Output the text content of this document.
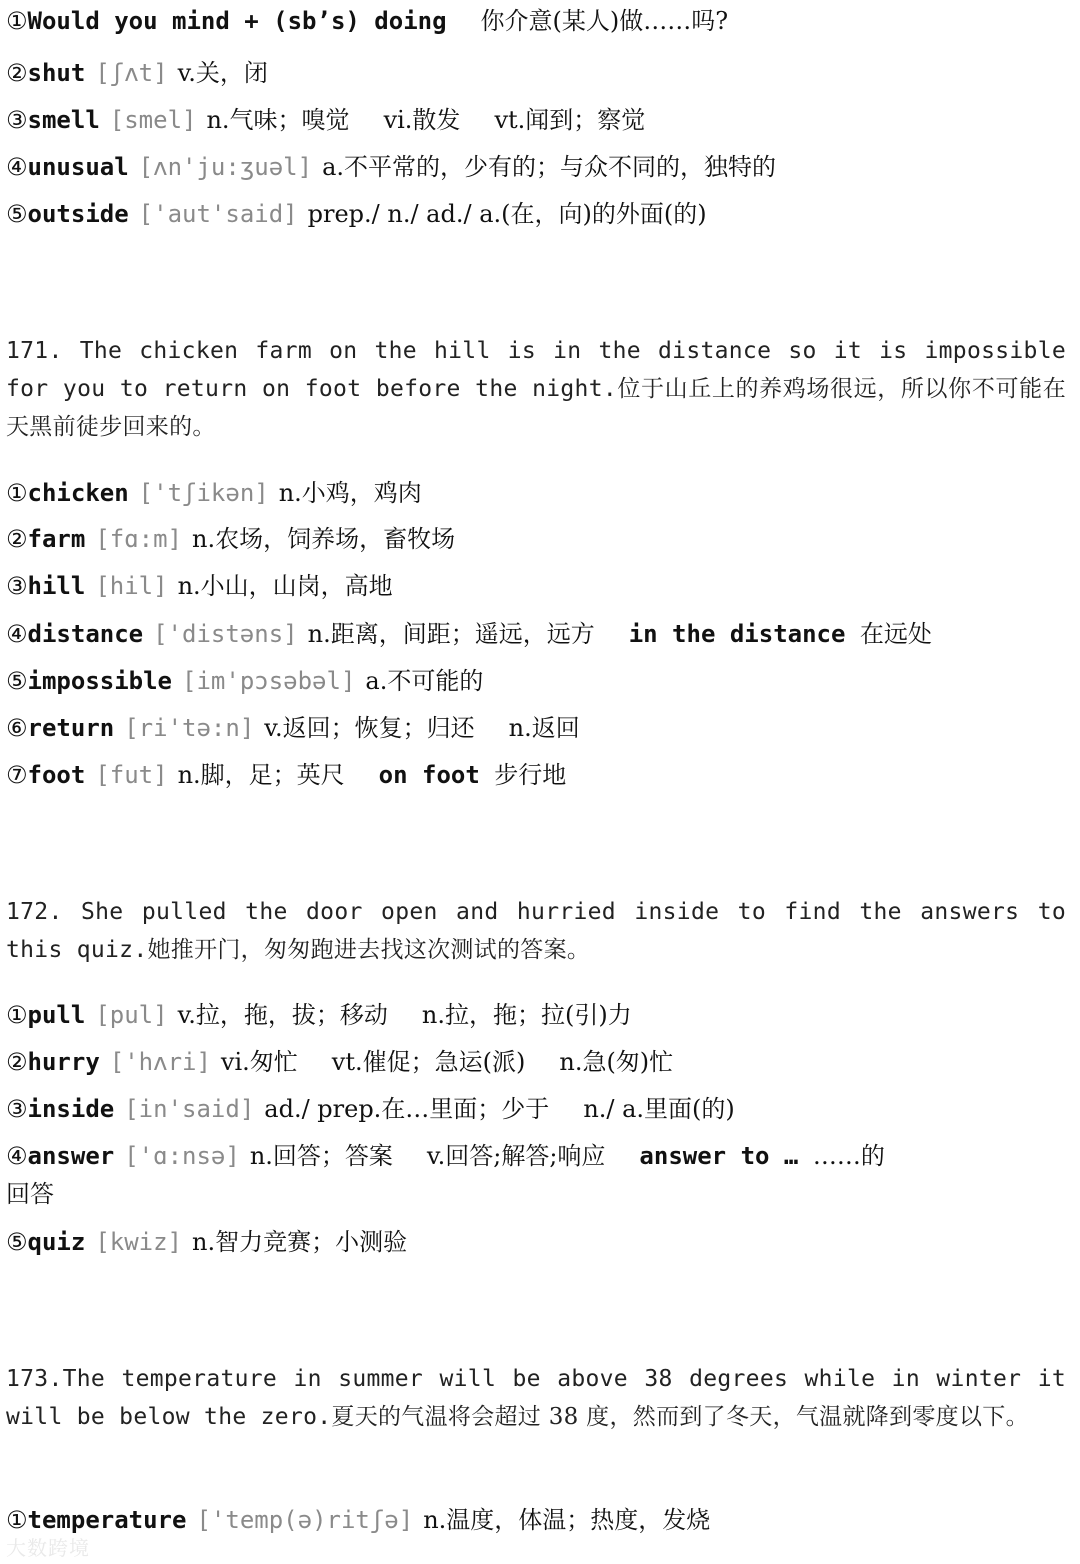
①Would you mind + (sb’s) doing 你介意(某人)做……吗?
②shut [ʃʌt] v.关，闭
③smell [smel] n.气味；嗅觉 vi.散发 vt.闻到；察觉
④unusual [ʌn'ju:ʒuəl] a.不平常的，少有的；与众不同的，独特的
⑤outside ['aut'said] prep./ n./ ad./ a.(在，向)的外面(的)
171. The chicken farm on the hill is in the distance so it is impossible for you to return on foot before the night.位于山丘上的养鸡场很远，所以你不可能在天黑前徒步回来的。
①chicken ['tʃikən] n.小鸡，鸡肉
②farm [fɑ:m] n.农场，饲养场，畜牧场
③hill [hil] n.小山，山岗，高地
④distance ['distəns] n.距离，间距；遥远，远方 in the distance 在远处
⑤impossible [im'pɔsəbəl] a.不可能的
⑥return [ri'tə:n] v.返回；恢复；归还 n.返回
⑦foot [fut] n.脚，足；英尺 on foot 步行地
172. She pulled the door open and hurried inside to find the answers to this quiz.她推开门，匆匆跑进去找这次测试的答案。
①pull [pul] v.拉，拖，拔；移动 n.拉，拖；拉(引)力
②hurry ['hʌri] vi.匆忙 vt.催促；急运(派) n.急(匆)忙
③inside [in'said] ad./ prep.在…里面；少于 n./ a.里面(的)
④answer ['ɑ:nsə] n.回答；答案 v.回答;解答;响应 answer to … ……的
回答
⑤quiz [kwiz] n.智力竞赛；小测验
173.The temperature in summer will be above 38 degrees while in winter it will be below the zero.夏天的气温将会超过 38 度，然而到了冬天，气温就降到零度以下。
①temperature ['temp(ə)ritʃə] n.温度，体温；热度，发烧
大数跨境
